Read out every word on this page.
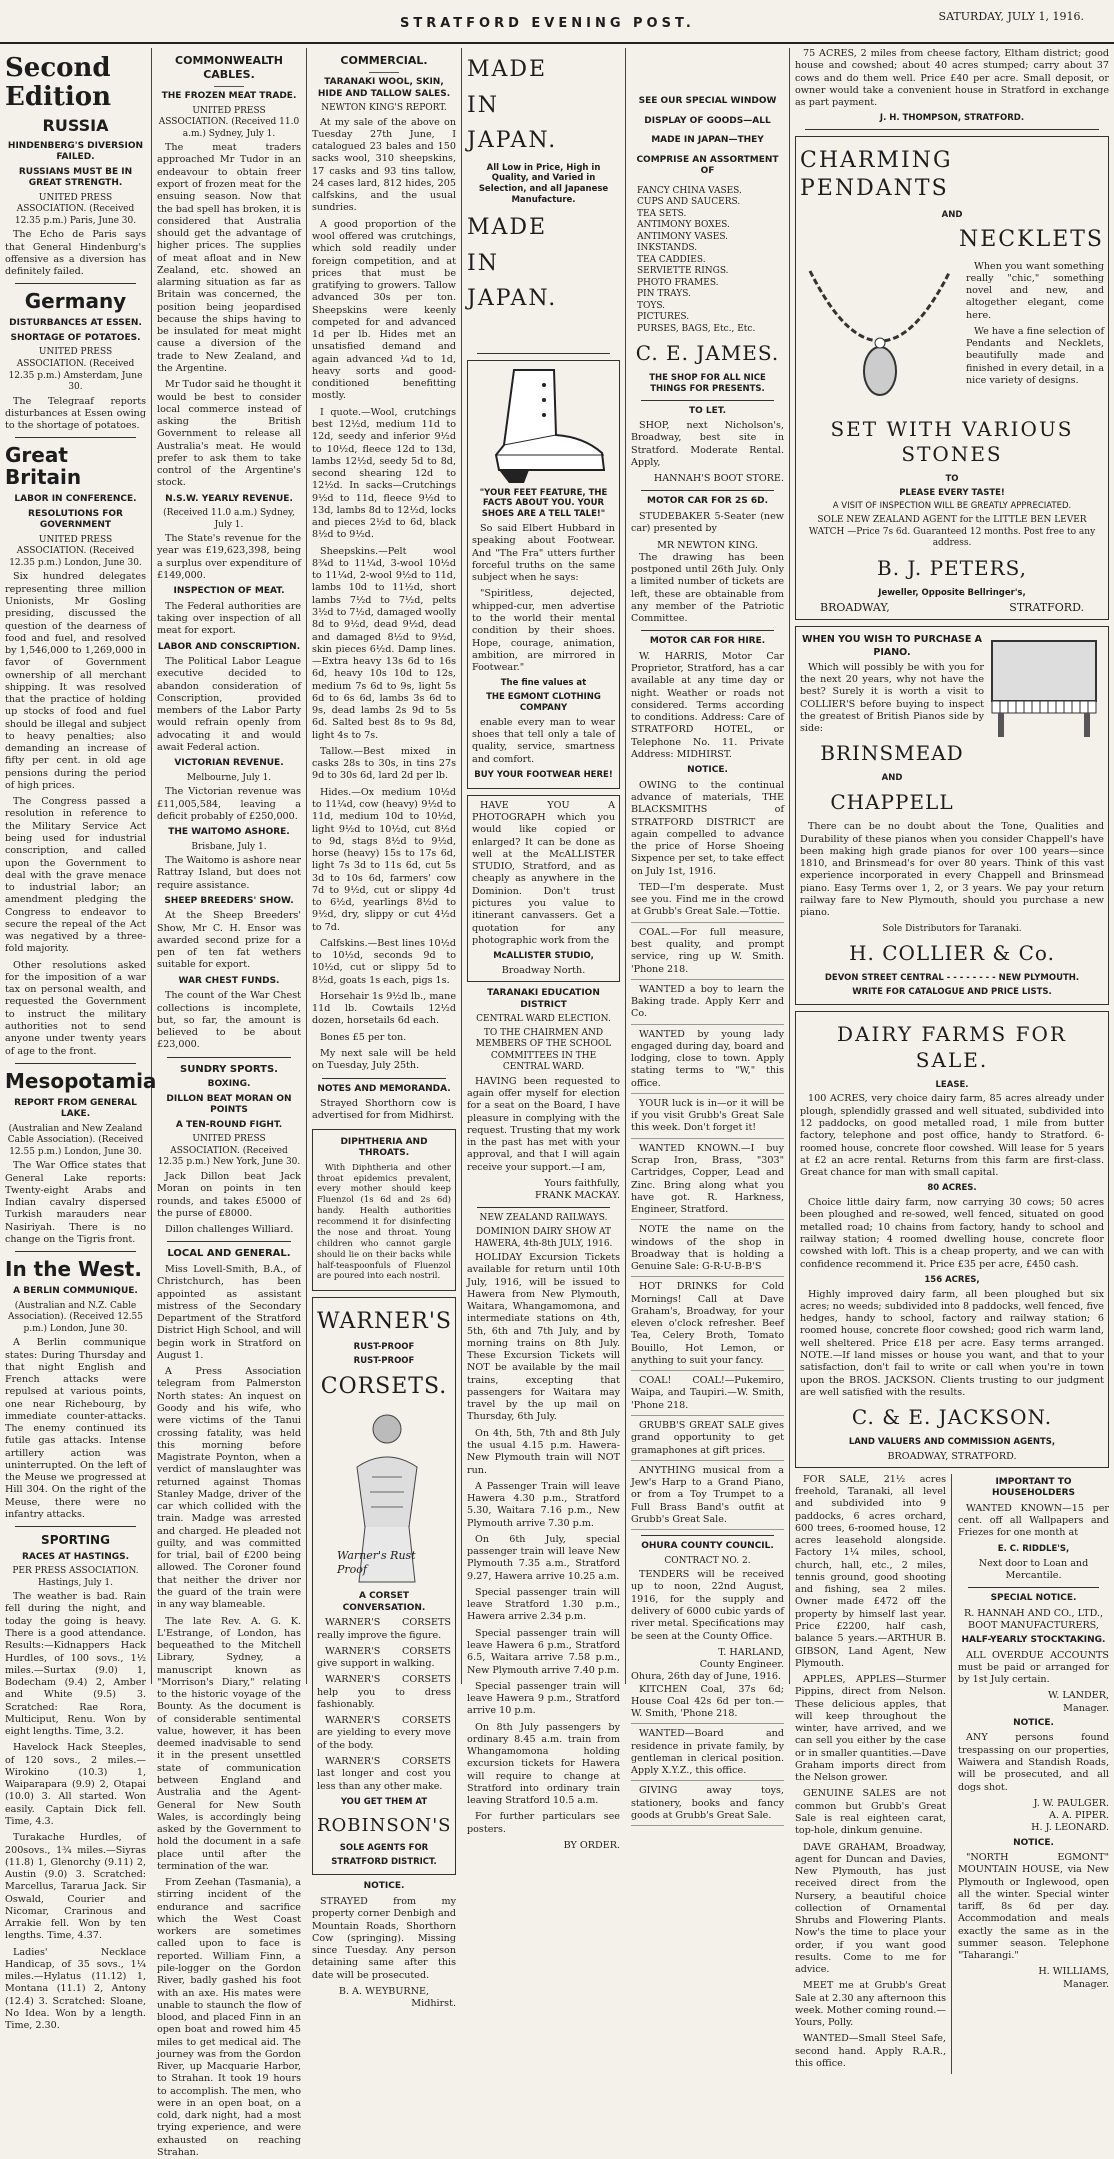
STRATFORD EVENING POST.	SATURDAY, JULY 1, 1916.
Second Edition
RUSSIA
HINDENBERG'S DIVERSION FAILED.
RUSSIANS MUST BE IN GREAT STRENGTH.
UNITED PRESS ASSOCIATION. (Received 12.35 p.m.) Paris, June 30.

The Echo de Paris says that General Hindenburg's offensive as a diversion has definitely failed.

Germany
DISTURBANCES AT ESSEN.
SHORTAGE OF POTATOES.
UNITED PRESS ASSOCIATION. (Received 12.35 p.m.) Amsterdam, June 30.

The Telegraaf reports disturbances at Essen owing to the shortage of potatoes.

Great Britain
LABOR IN CONFERENCE.
RESOLUTIONS FOR GOVERNMENT
UNITED PRESS ASSOCIATION. (Received 12.35 p.m.) London, June 30.

Six hundred delegates representing three million Unionists, Mr Gosling presiding, discussed the question of the dearness of food and fuel, and resolved by 1,546,000 to 1,269,000 in favor of Government ownership of all merchant shipping. It was resolved that the practice of holding up stocks of food and fuel should be illegal and subject to heavy penalties; also demanding an increase of fifty per cent. in old age pensions during the period of high prices.

The Congress passed a resolution in reference to the Military Service Act being used for industrial conscription, and called upon the Government to deal with the grave menace to industrial labor; an amendment pledging the Congress to endeavor to secure the repeal of the Act was negatived by a three-fold majority.

Other resolutions asked for the imposition of a war tax on personal wealth, and requested the Government to instruct the military authorities not to send anyone under twenty years of age to the front.

Mesopotamia
REPORT FROM GENERAL LAKE.
(Australian and New Zealand Cable Association). (Received 12.55 p.m.) London, June 30.

The War Office states that General Lake reports: Twenty-eight Arabs and Indian cavalry dispersed Turkish marauders near Nasiriyah. There is no change on the Tigris front.

In the West.
A BERLIN COMMUNIQUE.
(Australian and N.Z. Cable Association). (Received 12.55 p.m.) London, June 30.

A Berlin communique states: During Thursday and that night English and French attacks were repulsed at various points, one near Richebourg, by immediate counter-attacks. The enemy continued its futile gas attacks. Intense artillery action was uninterrupted. On the left of the Meuse we progressed at Hill 304. On the right of the Meuse, there were no infantry attacks.

SPORTING
RACES AT HASTINGS.
PER PRESS ASSOCIATION. Hastings, July 1.

The weather is bad. Rain fell during the night, and today the going is heavy. There is a good attendance. Results:—Kidnappers Hack Hurdles, of 100 sovs., 1½ miles.—Surtax (9.0) 1, Bodecham (9.4) 2, Amber and White (9.5) 3. Scratched: Rae Rora, Multiciput, Renu. Won by eight lengths. Time, 3.2.

Havelock Hack Steeples, of 120 sovs., 2 miles.—Wirokino (10.3) 1, Waiparapara (9.9) 2, Otapai (10.0) 3. All started. Won easily. Captain Dick fell. Time, 4.3.

Turakache Hurdles, of 200sovs., 1¾ miles.—Siyras (11.8) 1, Glenorchy (9.11) 2, Austin (9.0) 3. Scratched: Marcellus, Tararua Jack. Sir Oswald, Courier and Nicomar, Crarinous and Arrakie fell. Won by ten lengths. Time, 4.37.

Ladies' Necklace Handicap, of 35 sovs., 1¼ miles.—Hylatus (11.12) 1, Montana (11.1) 2, Antony (12.4) 3. Scratched: Sloane, No Idea. Won by a length. Time, 2.30.

COMMONWEALTH CABLES.
THE FROZEN MEAT TRADE.
UNITED PRESS ASSOCIATION. (Received 11.0 a.m.) Sydney, July 1.

The meat traders approached Mr Tudor in an endeavour to obtain freer export of frozen meat for the ensuing season. Now that the bad spell has broken, it is considered that Australia should get the advantage of higher prices. The supplies of meat afloat and in New Zealand, etc. showed an alarming situation as far as Britain was concerned, the position being jeopardised because the ships having to be insulated for meat might cause a diversion of the trade to New Zealand, and the Argentine.

Mr Tudor said he thought it would be best to consider local commerce instead of asking the British Government to release all Australia's meat. He would prefer to ask them to take control of the Argentine's stock.

N.S.W. YEARLY REVENUE.
(Received 11.0 a.m.) Sydney, July 1.

The State's revenue for the year was £19,623,398, being a surplus over expenditure of £149,000.

INSPECTION OF MEAT.

The Federal authorities are taking over inspection of all meat for export.

LABOR AND CONSCRIPTION.

The Political Labor League executive decided to abandon consideration of Conscription, provided members of the Labor Party would refrain openly from advocating it and would await Federal action.

VICTORIAN REVENUE.
Melbourne, July 1.

The Victorian revenue was £11,005,584, leaving a deficit probably of £250,000.

THE WAITOMO ASHORE.
Brisbane, July 1.

The Waitomo is ashore near Rattray Island, but does not require assistance.

SHEEP BREEDERS' SHOW.

At the Sheep Breeders' Show, Mr C. H. Ensor was awarded second prize for a pen of ten fat wethers suitable for export.

WAR CHEST FUNDS.

The count of the War Chest collections is incomplete, but, so far, the amount is believed to be about £23,000.

SUNDRY SPORTS.
BOXING.
DILLON BEAT MORAN ON POINTS
A TEN-ROUND FIGHT.
UNITED PRESS ASSOCIATION. (Received 12.35 p.m.) New York, June 30.

Jack Dillon beat Jack Moran on points in ten rounds, and takes £5000 of the purse of £8000.

Dillon challenges Williard.

LOCAL AND GENERAL.

Miss Lovell-Smith, B.A., of Christchurch, has been appointed as assistant mistress of the Secondary Department of the Stratford District High School, and will begin work in Stratford on August 1.

A Press Association telegram from Palmerston North states: An inquest on Goody and his wife, who were victims of the Tanui crossing fatality, was held this morning before Magistrate Poynton, when a verdict of manslaughter was returned against Thomas Stanley Madge, driver of the car which collided with the train. Madge was arrested and charged. He pleaded not guilty, and was committed for trial, bail of £200 being allowed. The Coroner found that neither the driver nor the guard of the train were in any way blameable.

The late Rev. A. G. K. L'Estrange, of London, has bequeathed to the Mitchell Library, Sydney, a manuscript known as "Morrison's Diary," relating to the historic voyage of the Bounty. As the document is of considerable sentimental value, however, it has been deemed inadvisable to send it in the present unsettled state of communication between England and Australia and the Agent-General for New South Wales, is accordingly being asked by the Government to hold the document in a safe place until after the termination of the war.

From Zeehan (Tasmania), a stirring incident of the endurance and sacrifice which the West Coast workers are sometimes called upon to face is reported. William Finn, a pile-logger on the Gordon River, badly gashed his foot with an axe. His mates were unable to staunch the flow of blood, and placed Finn in an open boat and rowed him 45 miles to get medical aid. The journey was from the Gordon River, up Macquarie Harbor, to Strahan. It took 19 hours to accomplish. The men, who were in an open boat, on a cold, dark night, had a most trying experience, and were exhausted on reaching Strahan.

COMMERCIAL.
TARANAKI WOOL, SKIN, HIDE AND TALLOW SALES.
NEWTON KING'S REPORT.

At my sale of the above on Tuesday 27th June, I catalogued 23 bales and 150 sacks wool, 310 sheepskins, 17 casks and 93 tins tallow, 24 cases lard, 812 hides, 205 calfskins, and the usual sundries.

A good proportion of the wool offered was crutchings, which sold readily under foreign competition, and at prices that must be gratifying to growers. Tallow advanced 30s per ton. Sheepskins were keenly competed for and advanced 1d per lb. Hides met an unsatisfied demand and again advanced ¼d to 1d, heavy sorts and good-conditioned benefitting mostly.

I quote.—Wool, crutchings best 12½d, medium 11d to 12d, seedy and inferior 9½d to 10½d, fleece 12d to 13d, lambs 12½d, seedy 5d to 8d, second shearing 12d to 12½d. In sacks—Crutchings 9½d to 11d, fleece 9½d to 13d, lambs 8d to 12½d, locks and pieces 2½d to 6d, black 8½d to 9½d.

Sheepskins.—Pelt wool 8¾d to 11¼d, 3-wool 10½d to 11¼d, 2-wool 9½d to 11d, lambs 10d to 11½d, short lambs 7½d to 7½d, pelts 3½d to 7½d, damaged woolly 8d to 9½d, dead 9½d, dead and damaged 8½d to 9½d, skin pieces 6½d. Damp lines.—Extra heavy 13s 6d to 16s 6d, heavy 10s 10d to 12s, medium 7s 6d to 9s, light 5s 6d to 6s 6d, lambs 3s 6d to 9s, dead lambs 2s 9d to 5s 6d. Salted best 8s to 9s 8d, light 4s to 7s.

Tallow.—Best mixed in casks 28s to 30s, in tins 27s 9d to 30s 6d, lard 2d per lb.

Hides.—Ox medium 10½d to 11¼d, cow (heavy) 9½d to 11d, medium 10d to 10½d, light 9½d to 10½d, cut 8½d to 9d, stags 8½d to 9½d, horse (heavy) 15s to 17s 6d, light 7s 3d to 11s 6d, cut 5s 3d to 10s 6d, farmers' cow 7d to 9½d, cut or slippy 4d to 6½d, yearlings 8½d to 9½d, dry, slippy or cut 4½d to 7d.

Calfskins.—Best lines 10½d to 10½d, seconds 9d to 10½d, cut or slippy 5d to 8½d, goats 1s each, pigs 1s.

Horsehair 1s 9½d lb., mane 11d lb. Cowtails 12½d dozen, horsetails 6d each.

Bones £5 per ton.

My next sale will be held on Tuesday, July 25th.

NOTES AND MEMORANDA.

Strayed Shorthorn cow is advertised for from Midhirst.

DIPHTHERIA AND THROATS.

With Diphtheria and other throat epidemics prevalent, every mother should keep Fluenzol (1s 6d and 2s 6d) handy. Health authorities recommend it for disinfecting the nose and throat. Young children who cannot gargle should lie on their backs while half-teaspoonfuls of Fluenzol are poured into each nostril.

WARNER'S
RUST-PROOF
RUST-PROOF
CORSETS.
Warner's Rust Proof
A CORSET CONVERSATION.

WARNER'S CORSETS really improve the figure.

WARNER'S CORSETS give support in walking.

WARNER'S CORSETS help you to dress fashionably.

WARNER'S CORSETS are yielding to every move of the body.

WARNER'S CORSETS last longer and cost you less than any other make.

YOU GET THEM AT
ROBINSON'S
SOLE AGENTS FOR
STRATFORD DISTRICT.
NOTICE.

STRAYED from my property corner Denbigh and Mountain Roads, Shorthorn Cow (springing). Missing since Tuesday. Any person detaining same after this date will be prosecuted.

B. A. WEYBURNE,
Midhirst.
MADE
IN
JAPAN.
All Low in Price, High in Quality, and Varied in Selection, and all Japanese Manufacture.
MADE
IN
JAPAN.
"YOUR FEET FEATURE, THE FACTS ABOUT YOU. YOUR SHOES ARE A TELL TALE!"

So said Elbert Hubbard in speaking about Footwear. And "The Fra" utters further forceful truths on the same subject when he says:

"Spiritless, dejected, whipped-cur, men advertise to the world their mental condition by their shoes. Hope, courage, animation, ambition, are mirrored in Footwear."

The fine values at
THE EGMONT CLOTHING COMPANY

enable every man to wear shoes that tell only a tale of quality, service, smartness and comfort.

BUY YOUR FOOTWEAR HERE!

HAVE YOU A PHOTOGRAPH which you would like copied or enlarged? It can be done as well at the McALLISTER STUDIO, Stratford, and as cheaply as anywhere in the Dominion. Don't trust pictures you value to itinerant canvassers. Get a quotation for any photographic work from the

McALLISTER STUDIO,
Broadway North.
TARANAKI EDUCATION DISTRICT
CENTRAL WARD ELECTION.
TO THE CHAIRMEN AND MEMBERS OF THE SCHOOL COMMITTEES IN THE CENTRAL WARD.

HAVING been requested to again offer myself for election for a seat on the Board, I have pleasure in complying with the request. Trusting that my work in the past has met with your approval, and that I will again receive your support.—I am,

Yours faithfully,
FRANK MACKAY.
NEW ZEALAND RAILWAYS.
DOMINION DAIRY SHOW AT HAWERA, 4th-8th JULY, 1916.

HOLIDAY Excursion Tickets available for return until 10th July, 1916, will be issued to Hawera from New Plymouth, Waitara, Whangamomona, and intermediate stations on 4th, 5th, 6th and 7th July, and by morning trains on 8th July. These Excursion Tickets will NOT be available by the mail trains, excepting that passengers for Waitara may travel by the up mail on Thursday, 6th July.

On 4th, 5th, 7th and 8th July the usual 4.15 p.m. Hawera-New Plymouth train will NOT run.

A Passenger Train will leave Hawera 4.30 p.m., Stratford 5.30, Waitara 7.16 p.m., New Plymouth arrive 7.30 p.m.

On 6th July, special passenger train will leave New Plymouth 7.35 a.m., Stratford 9.27, Hawera arrive 10.25 a.m.

Special passenger train will leave Stratford 1.30 p.m., Hawera arrive 2.34 p.m.

Special passenger train will leave Hawera 6 p.m., Stratford 6.5, Waitara arrive 7.58 p.m., New Plymouth arrive 7.40 p.m.

Special passenger train will leave Hawera 9 p.m., Stratford arrive 10 p.m.

On 8th July passengers by ordinary 8.45 a.m. train from Whangamomona holding excursion tickets for Hawera will require to change at Stratford into ordinary train leaving Stratford 10.5 a.m.

For further particulars see posters.

BY ORDER.
SEE OUR SPECIAL WINDOW
DISPLAY OF GOODS—ALL
MADE IN JAPAN—THEY
COMPRISE AN ASSORTMENT OF
FANCY CHINA VASES.
CUPS AND SAUCERS.
TEA SETS.
ANTIMONY BOXES.
ANTIMONY VASES.
INKSTANDS.
TEA CADDIES.
SERVIETTE RINGS.
PHOTO FRAMES.
PIN TRAYS.
TOYS.
PICTURES.
PURSES, BAGS, Etc., Etc.
C. E. JAMES.
THE SHOP FOR ALL NICE THINGS FOR PRESENTS.
TO LET.

SHOP, next Nicholson's, Broadway, best site in Stratford. Moderate Rental. Apply,

HANNAH'S BOOT STORE.
MOTOR CAR FOR 2S 6D.

STUDEBAKER 5-Seater (new car) presented by

MR NEWTON KING.

The drawing has been postponed until 26th July. Only a limited number of tickets are left, these are obtainable from any member of the Patriotic Committee.

MOTOR CAR FOR HIRE.

W. HARRIS, Motor Car Proprietor, Stratford, has a car available at any time day or night. Weather or roads not considered. Terms according to conditions. Address: Care of STRATFORD HOTEL, or Telephone No. 11. Private Address: MIDHIRST.

NOTICE.

OWING to the continual advance of materials, THE BLACKSMITHS of STRATFORD DISTRICT are again compelled to advance the price of Horse Shoeing Sixpence per set, to take effect on July 1st, 1916.

TED—I'm desperate. Must see you. Find me in the crowd at Grubb's Great Sale.—Tottie.

COAL.—For full measure, best quality, and prompt service, ring up W. Smith. 'Phone 218.

WANTED a boy to learn the Baking trade. Apply Kerr and Co.

WANTED by young lady engaged during day, board and lodging, close to town. Apply stating terms to "W," this office.

YOUR luck is in—or it will be if you visit Grubb's Great Sale this week. Don't forget it!

WANTED KNOWN.—I buy Scrap Iron, Brass, "303" Cartridges, Copper, Lead and Zinc. Bring along what you have got. R. Harkness, Engineer, Stratford.

NOTE the name on the windows of the shop in Broadway that is holding a Genuine Sale: G-R-U-B-B'S

HOT DRINKS for Cold Mornings! Call at Dave Graham's, Broadway, for your eleven o'clock refresher. Beef Tea, Celery Broth, Tomato Bouillo, Hot Lemon, or anything to suit your fancy.

COAL! COAL!—Pukemiro, Waipa, and Taupiri.—W. Smith, 'Phone 218.

GRUBB'S GREAT SALE gives grand opportunity to get gramaphones at gift prices.

ANYTHING musical from a Jew's Harp to a Grand Piano, or from a Toy Trumpet to a Full Brass Band's outfit at Grubb's Great Sale.

OHURA COUNTY COUNCIL.
CONTRACT NO. 2.

TENDERS will be received up to noon, 22nd August, 1916, for the supply and delivery of 6000 cubic yards of river metal. Specifications may be seen at the County Office.

T. HARLAND,
County Engineer.
Ohura, 26th day of June, 1916.

KITCHEN Coal, 37s 6d; House Coal 42s 6d per ton.—W. Smith, 'Phone 218.

WANTED—Board and residence in private family, by gentleman in clerical position. Apply X.Y.Z., this office.

GIVING away toys, stationery, books and fancy goods at Grubb's Great Sale.

75 ACRES, 2 miles from cheese factory, Eltham district; good house and cowshed; about 40 acres stumped; carry about 37 cows and do them well. Price £40 per acre. Small deposit, or owner would take a convenient house in Stratford in exchange as part payment.

J. H. THOMPSON, STRATFORD.
CHARMING PENDANTS
AND
NECKLETS

When you want something really "chic," something novel and new, and altogether elegant, come here.

We have a fine selection of Pendants and Necklets, beautifully made and finished in every detail, in a nice variety of designs.

SET WITH VARIOUS STONES
TO
PLEASE EVERY TASTE!
A VISIT OF INSPECTION WILL BE GREATLY APPRECIATED.
SOLE NEW ZEALAND AGENT for the LITTLE BEN LEVER WATCH —Price 7s 6d. Guaranteed 12 months. Post free to any address.
B. J. PETERS,
Jeweller, Opposite Bellringer's,
BROADWAY,	STRATFORD.
WHEN YOU WISH TO PURCHASE A PIANO.

Which will possibly be with you for the next 20 years, why not have the best? Surely it is worth a visit to COLLIER'S before buying to inspect the greatest of British Pianos side by side:

BRINSMEAD
AND
CHAPPELL

There can be no doubt about the Tone, Qualities and Durability of these pianos when you consider Chappell's have been making high grade pianos for over 100 years—since 1810, and Brinsmead's for over 80 years. Think of this vast experience incorporated in every Chappell and Brinsmead piano. Easy Terms over 1, 2, or 3 years. We pay your return railway fare to New Plymouth, should you purchase a new piano.

Sole Distributors for Taranaki.
H. COLLIER & Co.
DEVON STREET CENTRAL - - - - - - - - NEW PLYMOUTH.
WRITE FOR CATALOGUE AND PRICE LISTS.
DAIRY FARMS FOR SALE.
LEASE.

100 ACRES, very choice dairy farm, 85 acres already under plough, splendidly grassed and well situated, subdivided into 12 paddocks, on good metalled road, 1 mile from butter factory, telephone and post office, handy to Stratford. 6-roomed house, concrete floor cowshed. Will lease for 5 years at £2 an acre rental. Returns from this farm are first-class. Great chance for man with small capital.

80 ACRES.

Choice little dairy farm, now carrying 30 cows; 50 acres been ploughed and re-sowed, well fenced, situated on good metalled road; 10 chains from factory, handy to school and railway station; 4 roomed dwelling house, concrete floor cowshed with loft. This is a cheap property, and we can with confidence recommend it. Price £35 per acre, £450 cash.

156 ACRES,

Highly improved dairy farm, all been ploughed but six acres; no weeds; subdivided into 8 paddocks, well fenced, five hedges, handy to school, factory and railway station; 6 roomed house, concrete floor cowshed; good rich warm land, well sheltered. Price £18 per acre. Easy terms arranged. NOTE.—If land misses or house you want, and that to your satisfaction, don't fail to write or call when you're in town upon the BROS. JACKSON. Clients trusting to our judgment are well satisfied with the results.

C. & E. JACKSON.
LAND VALUERS AND COMMISSION AGENTS,
BROADWAY, STRATFORD.

FOR SALE, 21½ acres freehold, Taranaki, all level and subdivided into 9 paddocks, 6 acres orchard, 600 trees, 6-roomed house, 12 acres leasehold alongside. Factory 1¼ miles, school, church, hall, etc., 2 miles, tennis ground, good shooting and fishing, sea 2 miles. Owner made £472 off the property by himself last year. Price £2200, half cash, balance 5 years.—ARTHUR B. GIBSON, Land Agent, New Plymouth.

APPLES, APPLES—Sturmer Pippins, direct from Nelson. These delicious apples, that will keep throughout the winter, have arrived, and we can sell you either by the case or in smaller quantities.—Dave Graham imports direct from the Nelson grower.

GENUINE SALES are not common but Grubb's Great Sale is real eighteen carat, top-hole, dinkum genuine.

DAVE GRAHAM, Broadway, agent for Duncan and Davies, New Plymouth, has just received direct from the Nursery, a beautiful choice collection of Ornamental Shrubs and Flowering Plants. Now's the time to place your order, if you want good results. Come to me for advice.

MEET me at Grubb's Great Sale at 2.30 any afternoon this week. Mother coming round.—Yours, Polly.

WANTED—Small Steel Safe, second hand. Apply R.A.R., this office.

IMPORTANT TO HOUSEHOLDERS

WANTED KNOWN—15 per cent. off all Wallpapers and Friezes for one month at

E. C. RIDDLE'S,
Next door to Loan and Mercantile.
SPECIAL NOTICE.
R. HANNAH AND CO., LTD.,
BOOT MANUFACTURERS,
HALF-YEARLY STOCKTAKING.

ALL OVERDUE ACCOUNTS must be paid or arranged for by 1st July certain.

W. LANDER,
Manager.
NOTICE.

ANY persons found trespassing on our properties, Waiwera and Standish Roads, will be prosecuted, and all dogs shot.

J. W. PAULGER.
A. A. PIPER.
H. J. LEONARD.
NOTICE.

"NORTH EGMONT" MOUNTAIN HOUSE, via New Plymouth or Inglewood, open all the winter. Special winter tariff, 8s 6d per day. Accommodation and meals exactly the same as in the summer season. Telephone "Taharangi."

H. WILLIAMS,
Manager.
